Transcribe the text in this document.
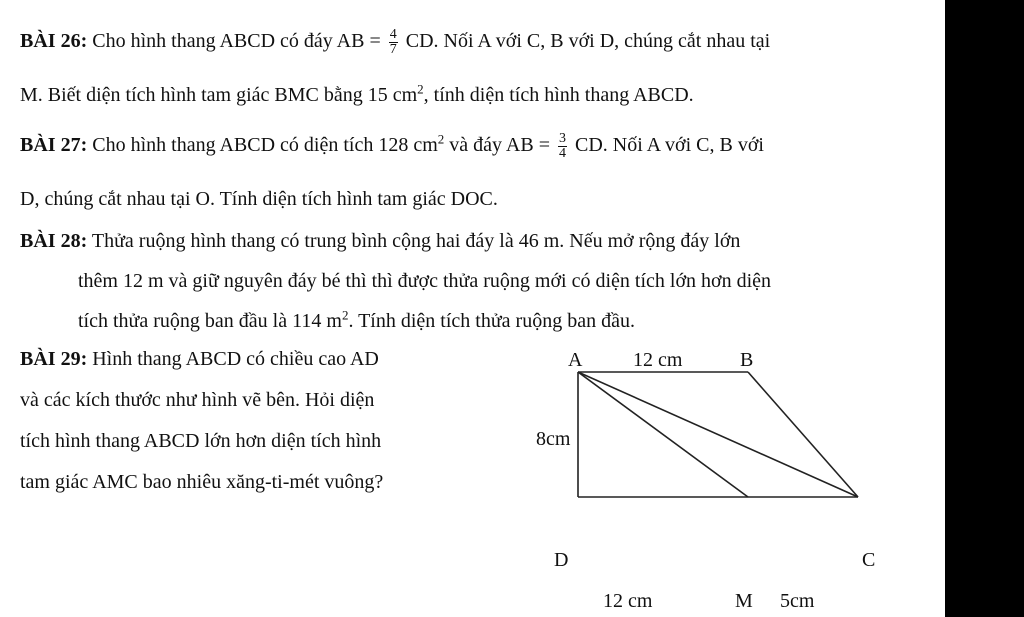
BÀI 26: Cho hình thang ABCD có đáy AB = $\frac{4}{7}$ CD. Nối A với C, B với D, chúng cắt nhau tại
M. Biết diện tích hình tam giác BMC bằng 15 $cm^2$, tính diện tích hình thang ABCD.
BÀI 27: Cho hình thang ABCD có diện tích 128 $cm^2$ và đáy AB = $\frac{3}{4}$ CD. Nối A với C, B với
D, chúng cắt nhau tại O. Tính diện tích hình tam giác DOC.
BÀI 28: Thửa ruộng hình thang có trung bình cộng hai đáy là 46 m. Nếu mở rộng đáy lớn
thêm 12 m và giữ nguyên đáy bé thì thì được thửa ruộng mới có diện tích lớn hơn diện
tích thửa ruộng ban đầu là 114 $m^2$. Tính diện tích thửa ruộng ban đầu.
BÀI 29: Hình thang ABCD có chiều cao AD
và các kích thước như hình vẽ bên. Hỏi diện
tích hình thang ABCD lớn hơn diện tích hình
tam giác AMC bao nhiêu xăng-ti-mét vuông?
A	12 cm	B
8cm
D	C
12 cm	M 5cm
